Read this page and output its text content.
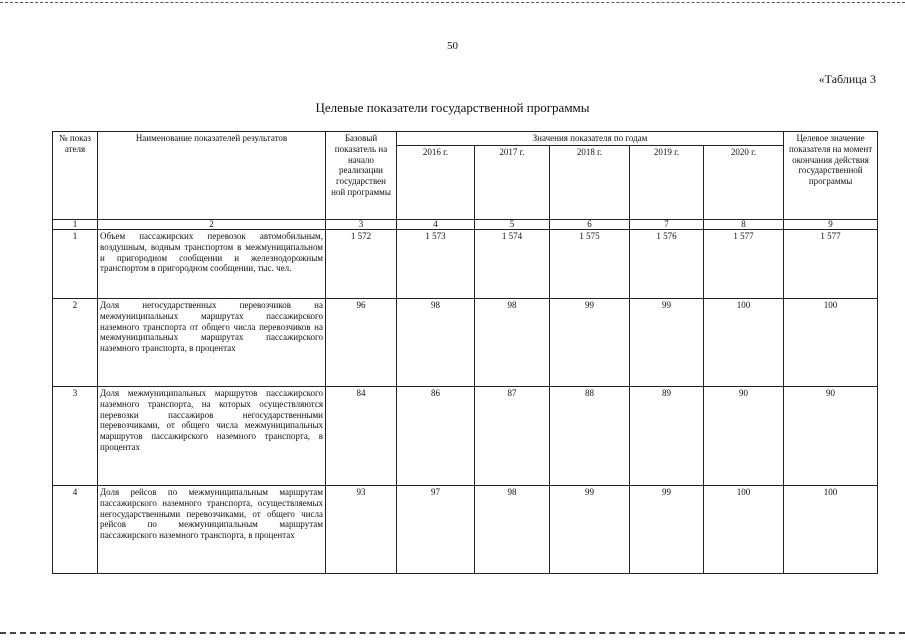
50
«Таблица 3
Целевые показатели государственной программы
№ показ ателя	Наименование показателей результатов	Базовый показатель на начало реализации государствен ной программы	Значения показателя по годам					Целевое значение показателя на момент окончания действия государственной программы
			2016 г.	2017 г.	2018 г.	2019 г.	2020 г.	
1	2	3	4	5	6	7	8	9
1	Объем пассажирских перевозок автомобильным, воздушным, водным транспортом в межмуниципальном и пригородном сообщении и железнодорожным транспортом в пригородном сообщении, тыс. чел.	1 572	1 573	1 574	1 575	1 576	1 577	1 577
2	Доля негосударственных перевозчиков на межмуниципальных маршрутах пассажирского наземного транспорта от общего числа перевозчиков на межмуниципальных маршрутах пассажирского наземного транспорта, в процентах	96	98	98	99	99	100	100
3	Доля межмуниципальных маршрутов пассажирского наземного транспорта, на которых осуществляются перевозки пассажиров негосударственными перевозчиками, от общего числа межмуниципальных маршрутов пассажирского наземного транспорта, в процентах	84	86	87	88	89	90	90
4	Доля рейсов по межмуниципальным маршрутам пассажирского наземного транспорта, осуществляемых негосударственными перевозчиками, от общего числа рейсов по межмуниципальным маршрутам пассажирского наземного транспорта, в процентах	93	97	98	99	99	100	100
